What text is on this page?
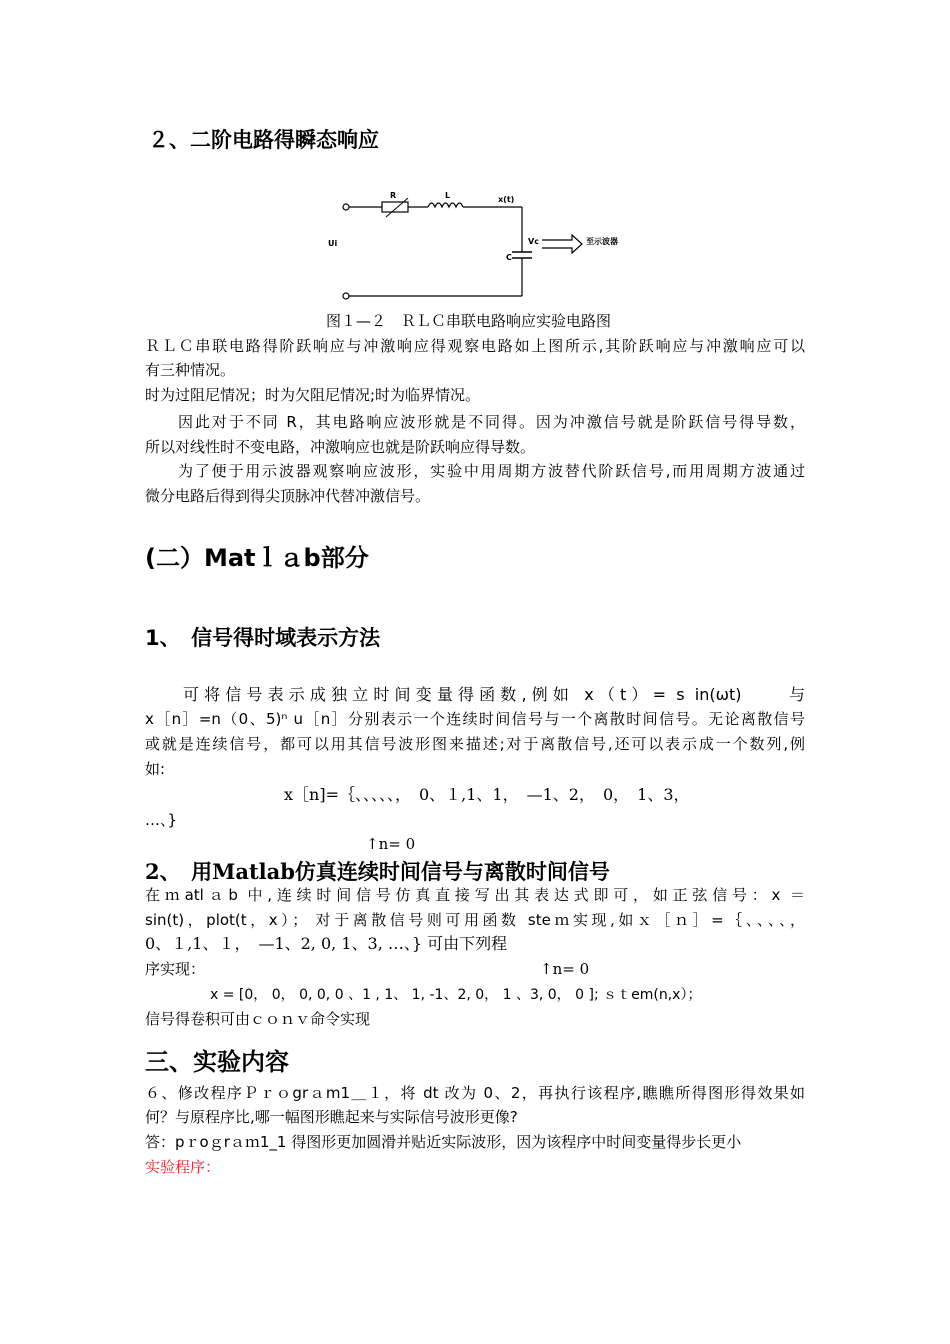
２、二阶电路得瞬态响应
R	L	x(t)
Ui	Vc
C
至示波器
图１—２　ＲＬＣ串联电路响应实验电路图
ＲＬＣ串联电路得阶跃响应与冲激响应得观察电路如上图所示,其阶跃响应与冲激响应可以
有三种情况。
时为过阻尼情况；时为欠阻尼情况;时为临界情况。
因此对于不同 R，其电路响应波形就是不同得。因为冲激信号就是阶跃信号得导数，
所以对线性时不变电路，冲激响应也就是阶跃响应得导数。
为了便于用示波器观察响应波形，实验中用周期方波替代阶跃信号,而用周期方波通过
微分电路后得到得尖顶脉冲代替冲激信号。
(二）Matｌａb部分
1、　信号得时域表示方法
可将信号表示成独立时间变量得函数,例如 x（t）= s in(ωt)　　与
x［n］=n（0、5)ⁿ u［n］分别表示一个连续时间信号与一个离散时间信号。无论离散信号
或就是连续信号，都可以用其信号波形图来描述;对于离散信号,还可以表示成一个数列,例
如:
x［n]=｛、、、、、，　0、１,1、1，　—1、2，　0，　1、3，
…、}
↑n= 0
2、　用Matlab仿真连续时间信号与离散时间信号
在ｍatlａb 中,连续时间信号仿真直接写出其表达式即可，如正弦信号：x ＝
sin(t)，plot(t，x）； 对于离散信号则可用函数 steｍ实现,如ｘ［ｎ］=｛、、、、，
0、１,1、１，　—1、2, 0, 1、3, …、} 可由下列程
序实现：	↑n= 0
x = [0， 0， 0, 0, 0 、1 , 1、 1, -1、2, 0， 1 、3, 0， 0 ]; ｓｔem(n,x）；
信号得卷积可由ｃｏｎｖ命令实现
三、实验内容
６、修改程序Ｐｒｏgrａm1＿１，将 dt 改为 0、2，再执行该程序,瞧瞧所得图形得效果如
何？与原程序比,哪一幅图形瞧起来与实际信号波形更像?
答：pｒoｇrａｍ1_1 得图形更加圆滑并贴近实际波形，因为该程序中时间变量得步长更小
实验程序：
